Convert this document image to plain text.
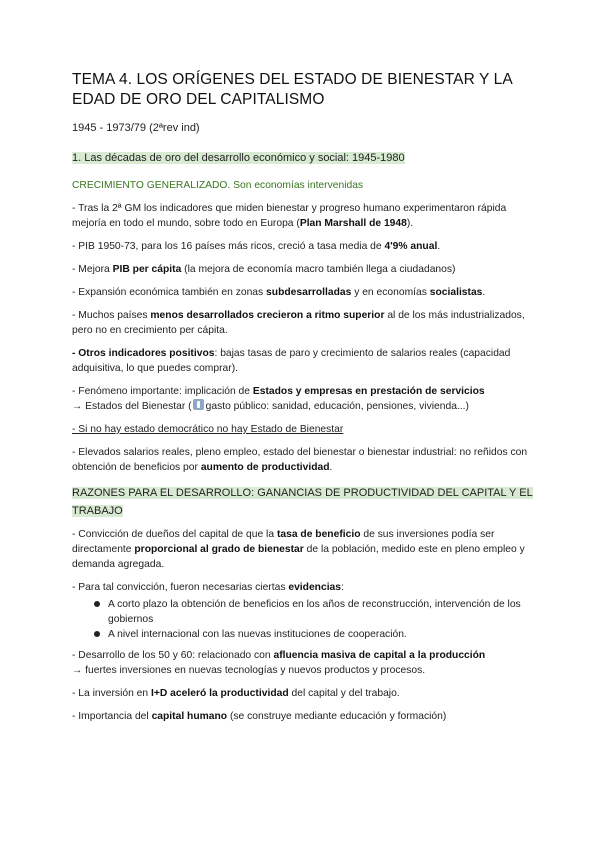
TEMA 4. LOS ORÍGENES DEL ESTADO DE BIENESTAR Y LA EDAD DE ORO DEL CAPITALISMO
1945 - 1973/79 (2ªrev ind)
1. Las décadas de oro del desarrollo económico y social: 1945-1980
CRECIMIENTO GENERALIZADO. Son economías intervenidas
- Tras la 2ª GM los indicadores que miden bienestar y progreso humano experimentaron rápida mejoría en todo el mundo, sobre todo en Europa (Plan Marshall de 1948).
- PIB 1950-73, para los 16 países más ricos, creció a tasa media de 4'9% anual.
- Mejora PIB per cápita (la mejora de economía macro también llega a ciudadanos)
- Expansión económica también en zonas subdesarrolladas y en economías socialistas.
- Muchos países menos desarrollados crecieron a ritmo superior al de los más industrializados, pero no en crecimiento per cápita.
- Otros indicadores positivos: bajas tasas de paro y crecimiento de salarios reales (capacidad adquisitiva, lo que puedes comprar).
- Fenómeno importante: implicación de Estados y empresas en prestación de servicios
→ Estados del Bienestar ( gasto público: sanidad, educación, pensiones, vivienda...)
- Si no hay estado democrático no hay Estado de Bienestar
- Elevados salarios reales, pleno empleo, estado del bienestar o bienestar industrial: no reñidos con obtención de beneficios por aumento de productividad.
RAZONES PARA EL DESARROLLO: GANANCIAS DE PRODUCTIVIDAD DEL CAPITAL Y EL TRABAJO
- Convicción de dueños del capital de que la tasa de beneficio de sus inversiones podía ser directamente proporcional al grado de bienestar de la población, medido este en pleno empleo y demanda agregada.
- Para tal convicción, fueron necesarias ciertas evidencias:
A corto plazo la obtención de beneficios en los años de reconstrucción, intervención de los gobiernos
A nivel internacional con las nuevas instituciones de cooperación.
- Desarrollo de los 50 y 60: relacionado con afluencia masiva de capital a la producción
→ fuertes inversiones en nuevas tecnologías y nuevos productos y procesos.
- La inversión en I+D aceleró la productividad del capital y del trabajo.
- Importancia del capital humano (se construye mediante educación y formación)
